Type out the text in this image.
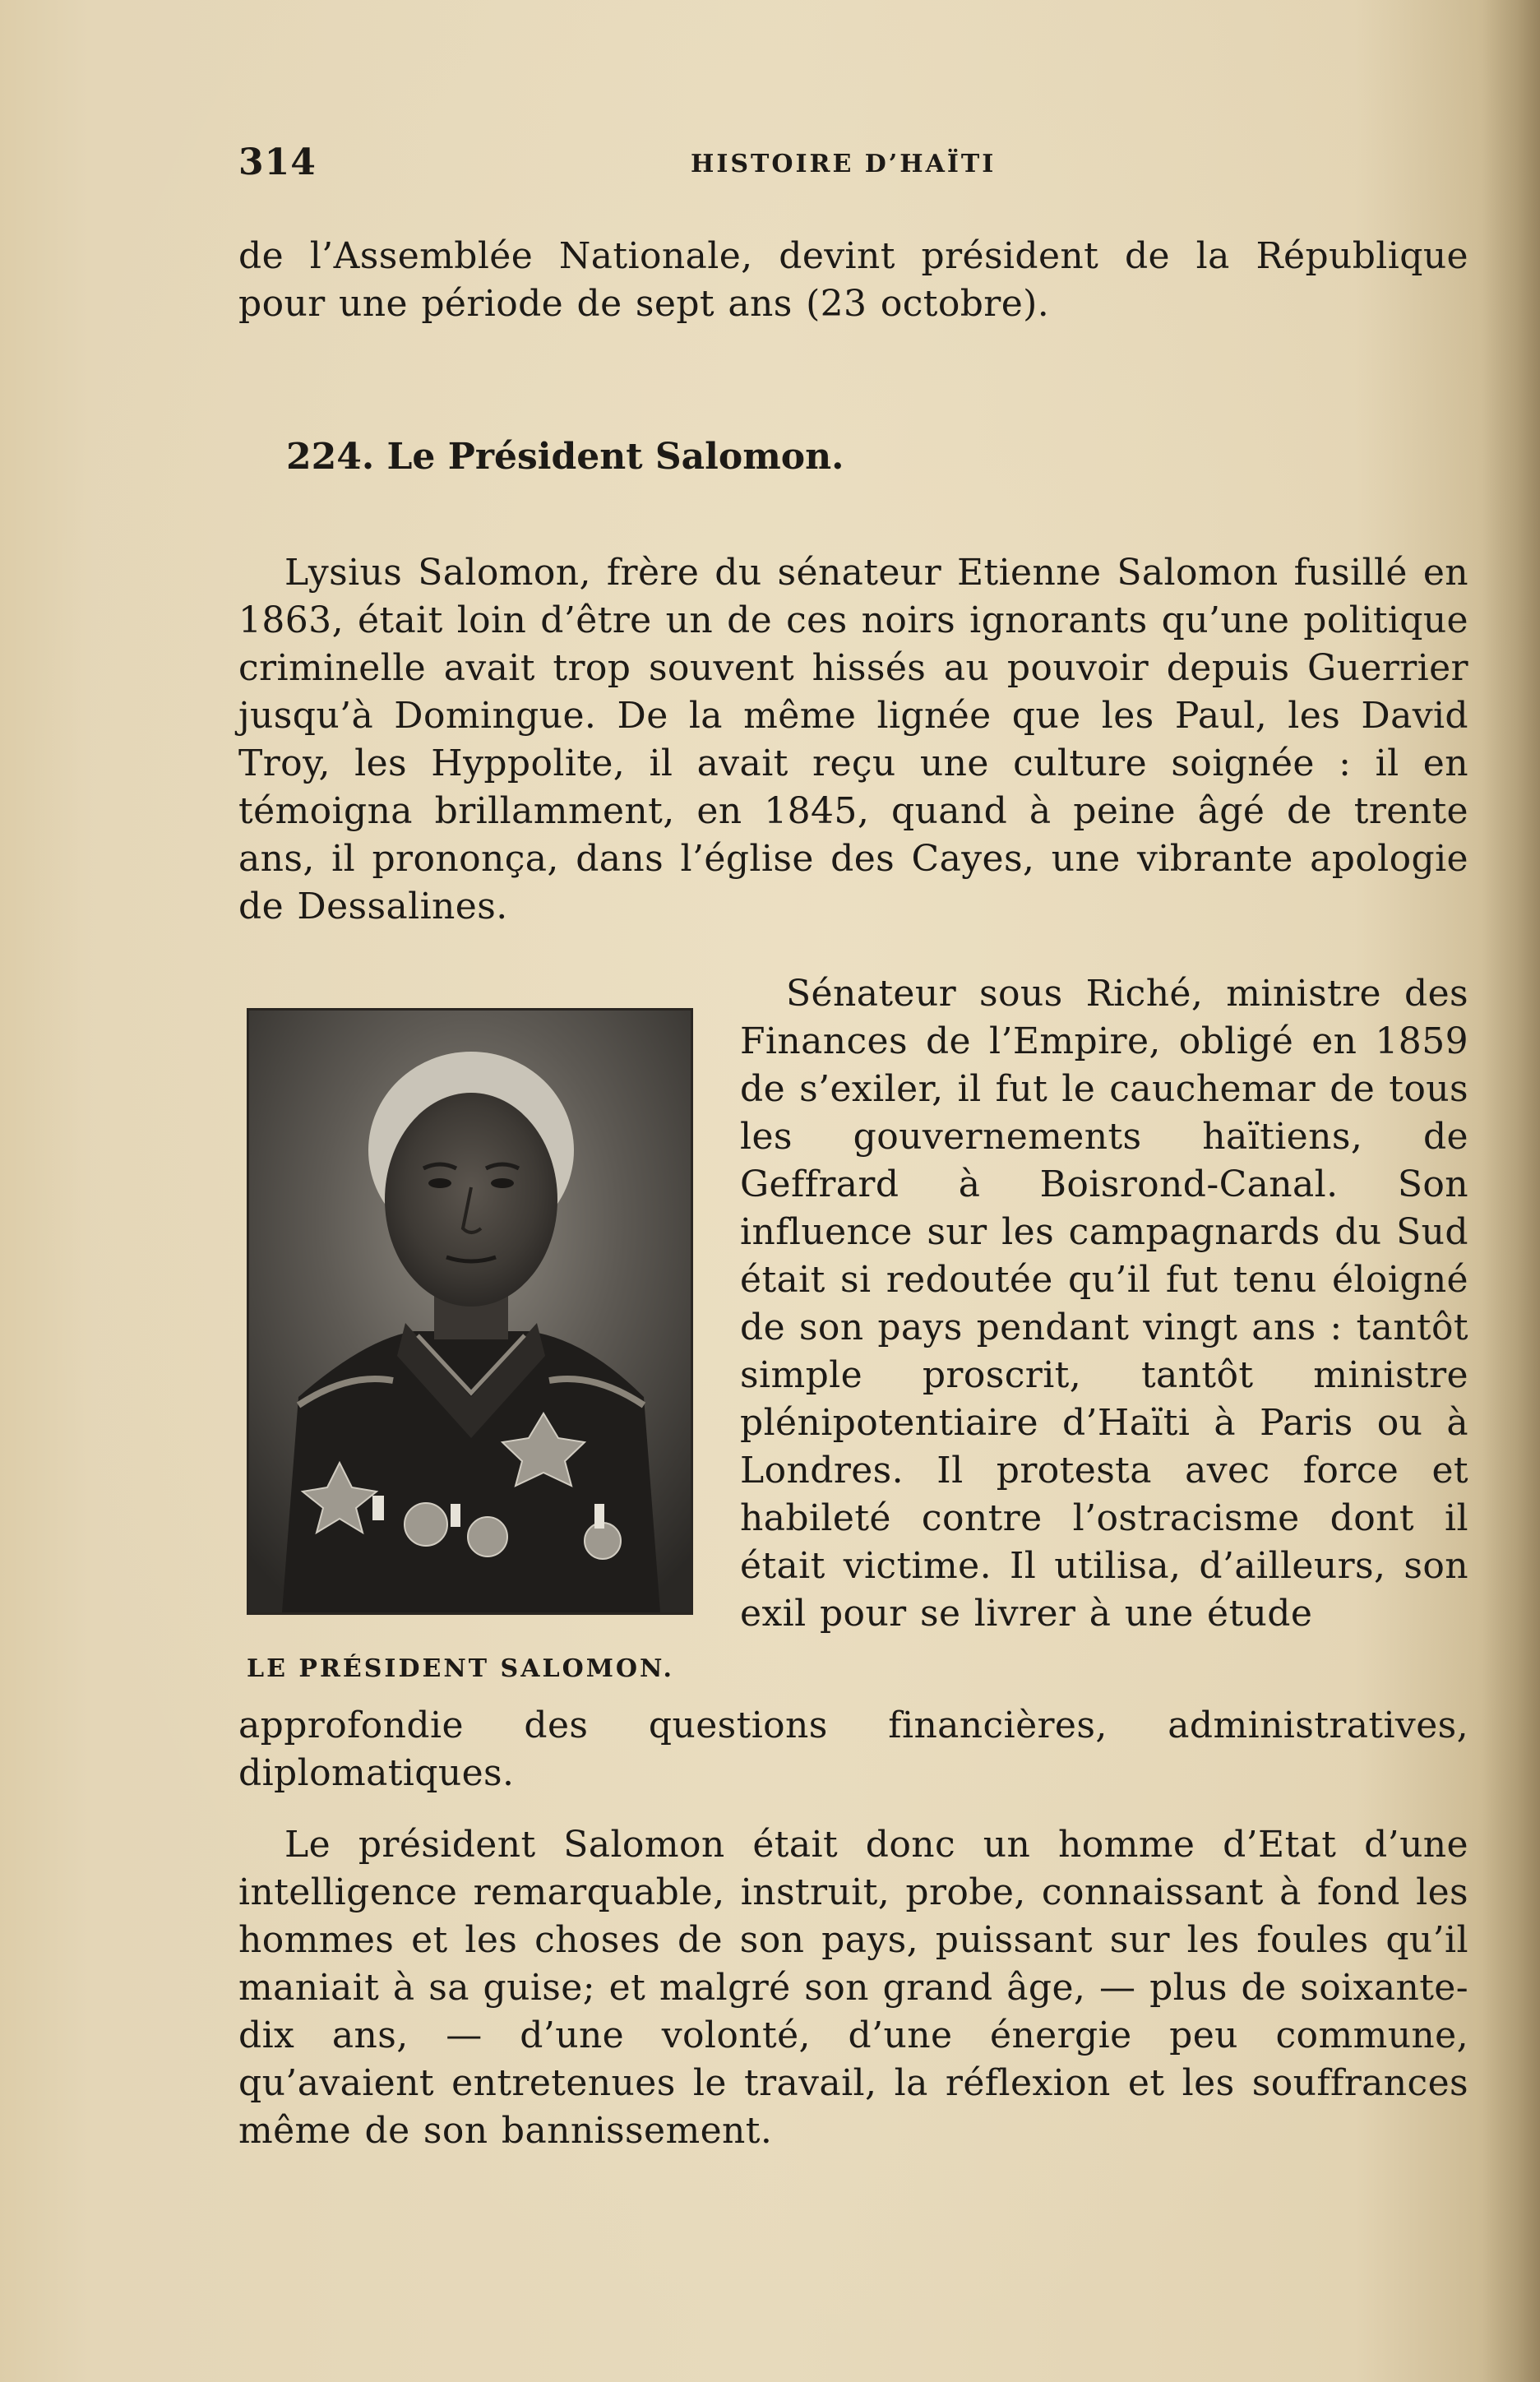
314	HISTOIRE D’HAÏTI

de l’Assemblée Nationale, devint président de la République pour une période de sept ans (23 octobre).

224. Le Président Salomon.

Lysius Salomon, frère du sénateur Etienne Salomon fusillé en 1863, était loin d’être un de ces noirs ignorants qu’une politique criminelle avait trop souvent hissés au pouvoir depuis Guerrier jusqu’à Domingue. De la même lignée que les Paul, les David Troy, les Hyppolite, il avait reçu une culture soignée : il en témoigna brillamment, en 1845, quand à peine âgé de trente ans, il prononça, dans l’église des Cayes, une vibrante apologie de Dessalines.

LE PRÉSIDENT SALOMON.

Sénateur sous Riché, ministre des Finances de l’Empire, obligé en 1859 de s’exiler, il fut le cauchemar de tous les gouvernements haïtiens, de Geffrard à Boisrond-Canal. Son influence sur les campagnards du Sud était si redoutée qu’il fut tenu éloigné de son pays pendant vingt ans : tantôt simple proscrit, tantôt ministre plénipotentiaire d’Haïti à Paris ou à Londres. Il protesta avec force et habileté contre l’ostracisme dont il était victime. Il utilisa, d’ailleurs, son exil pour se livrer à une étude

approfondie des questions financières, administratives, diplomatiques.

Le président Salomon était donc un homme d’Etat d’une intelligence remarquable, instruit, probe, connaissant à fond les hommes et les choses de son pays, puissant sur les foules qu’il maniait à sa guise; et malgré son grand âge, — plus de soixante-dix ans, — d’une volonté, d’une énergie peu commune, qu’avaient entretenues le travail, la réflexion et les souffrances même de son bannissement.
